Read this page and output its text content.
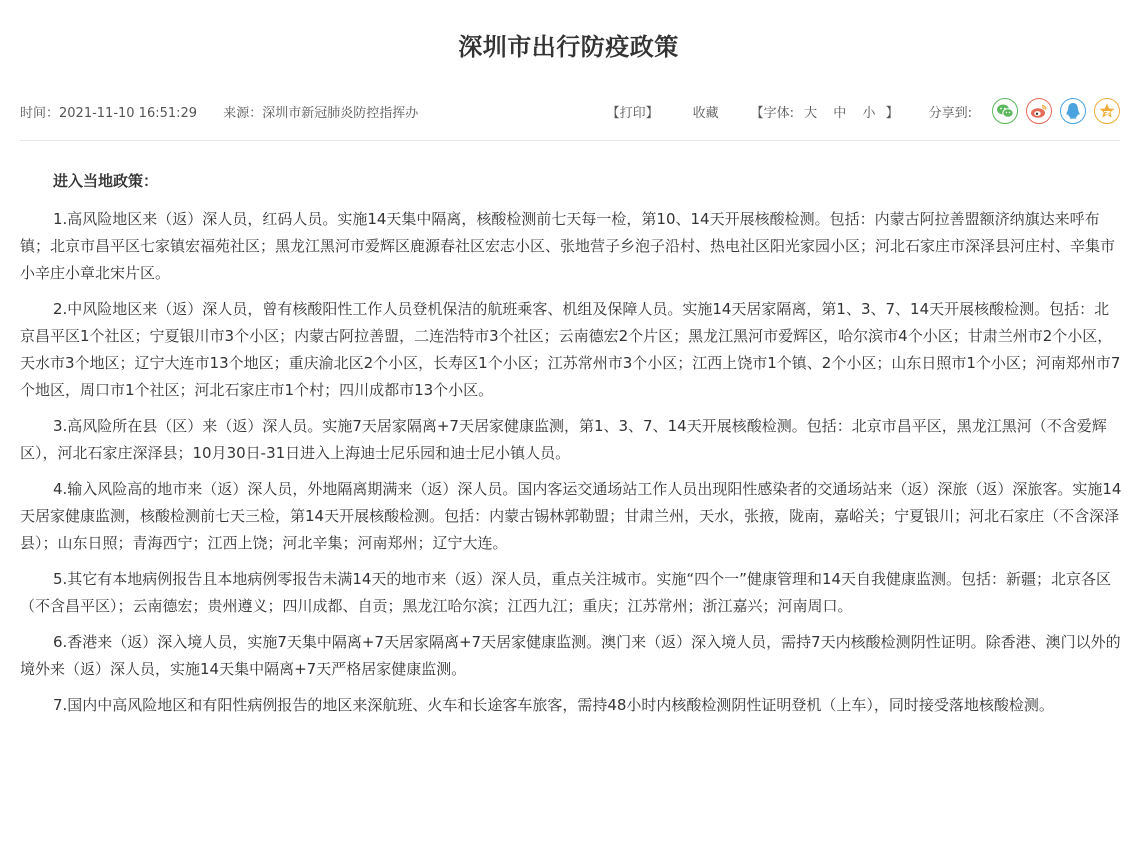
深圳市出行防疫政策
时间：2021-11-10 16:51:29 来源：深圳市新冠肺炎防控指挥办	【打印】	收藏 【字体: 大 中 小 】 分享到:

进入当地政策：

1.高风险地区来（返）深人员，红码人员。实施14天集中隔离，核酸检测前七天每一检，第10、14天开展核酸检测。包括：内蒙古阿拉善盟额济纳旗达来呼布镇；北京市昌平区七家镇宏福苑社区；黑龙江黑河市爱辉区鹿源春社区宏志小区、张地营子乡泡子沿村、热电社区阳光家园小区；河北石家庄市深泽县河庄村、辛集市小辛庄小章北宋片区。

2.中风险地区来（返）深人员，曾有核酸阳性工作人员登机保洁的航班乘客、机组及保障人员。实施14天居家隔离，第1、3、7、14天开展核酸检测。包括：北京昌平区1个社区；宁夏银川市3个小区；内蒙古阿拉善盟，二连浩特市3个社区；云南德宏2个片区；黑龙江黑河市爱辉区，哈尔滨市4个小区；甘肃兰州市2个小区，天水市3个地区；辽宁大连市13个地区；重庆渝北区2个小区，长寿区1个小区；江苏常州市3个小区；江西上饶市1个镇、2个小区；山东日照市1个小区；河南郑州市7个地区，周口市1个社区；河北石家庄市1个村；四川成都市13个小区。

3.高风险所在县（区）来（返）深人员。实施7天居家隔离+7天居家健康监测，第1、3、7、14天开展核酸检测。包括：北京市昌平区，黑龙江黑河（不含爱辉区），河北石家庄深泽县；10月30日-31日进入上海迪士尼乐园和迪士尼小镇人员。

4.输入风险高的地市来（返）深人员，外地隔离期满来（返）深人员。国内客运交通场站工作人员出现阳性感染者的交通场站来（返）深旅（返）深旅客。实施14天居家健康监测，核酸检测前七天三检，第14天开展核酸检测。包括：内蒙古锡林郭勒盟；甘肃兰州，天水，张掖，陇南，嘉峪关；宁夏银川；河北石家庄（不含深泽县）；山东日照；青海西宁；江西上饶；河北辛集；河南郑州；辽宁大连。

5.其它有本地病例报告且本地病例零报告未满14天的地市来（返）深人员，重点关注城市。实施“四个一”健康管理和14天自我健康监测。包括：新疆；北京各区（不含昌平区）；云南德宏；贵州遵义；四川成都、自贡；黑龙江哈尔滨；江西九江；重庆；江苏常州；浙江嘉兴；河南周口。

6.香港来（返）深入境人员，实施7天集中隔离+7天居家隔离+7天居家健康监测。澳门来（返）深入境人员，需持7天内核酸检测阴性证明。除香港、澳门以外的境外来（返）深人员，实施14天集中隔离+7天严格居家健康监测。

7.国内中高风险地区和有阳性病例报告的地区来深航班、火车和长途客车旅客，需持48小时内核酸检测阴性证明登机（上车），同时接受落地核酸检测。
